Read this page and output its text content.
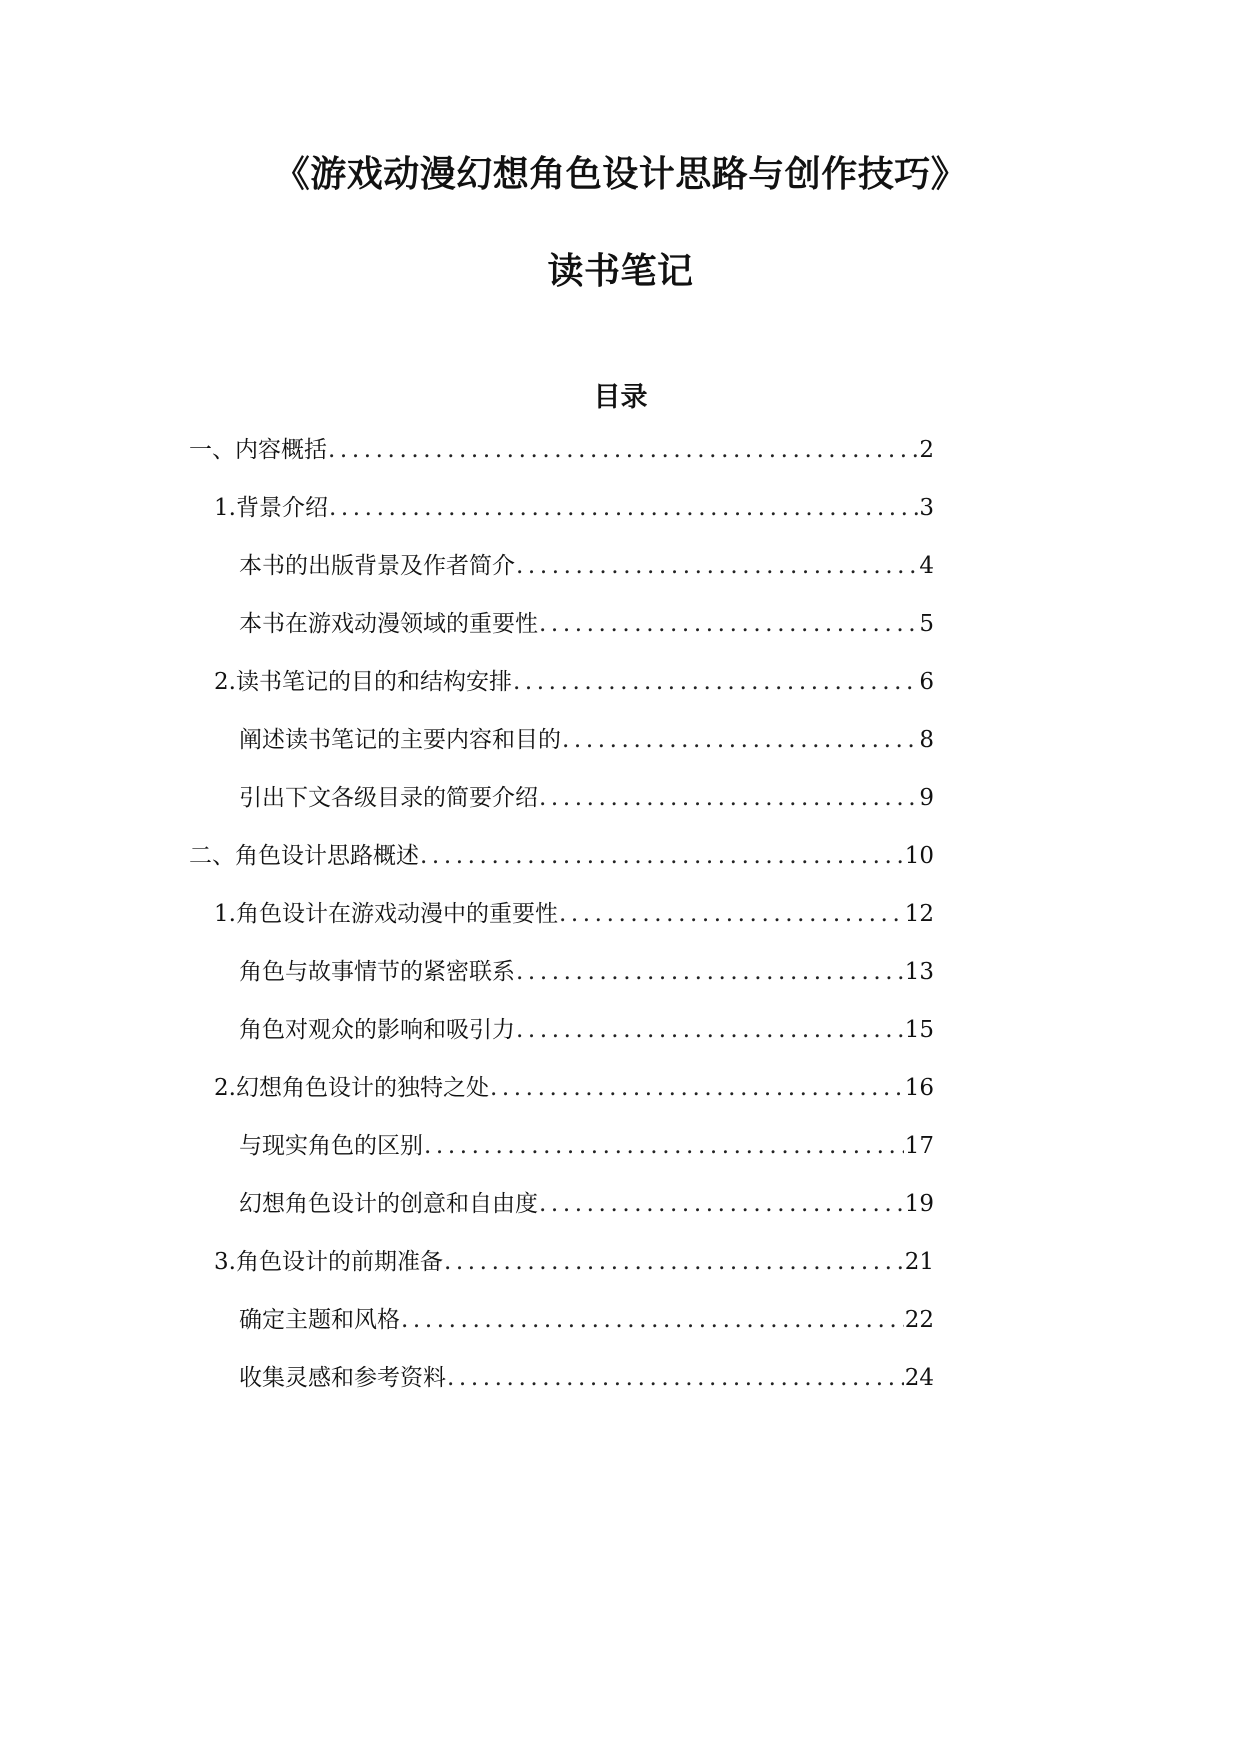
《游戏动漫幻想角色设计思路与创作技巧》
读书笔记
目录
一、内容概括 .....	2
1. 背景介绍 .....	3
本书的出版背景及作者简介 .....	4
本书在游戏动漫领域的重要性 .....	5
2. 读书笔记的目的和结构安排 .....	6
阐述读书笔记的主要内容和目的 .....	8
引出下文各级目录的简要介绍 .....	9
二、角色设计思路概述 .....	10
1. 角色设计在游戏动漫中的重要性 .....	12
角色与故事情节的紧密联系 .....	13
角色对观众的影响和吸引力 .....	15
2. 幻想角色设计的独特之处 .....	16
与现实角色的区别 .....	17
幻想角色设计的创意和自由度 .....	19
3. 角色设计的前期准备 .....	21
确定主题和风格 .....	22
收集灵感和参考资料 .....	24
